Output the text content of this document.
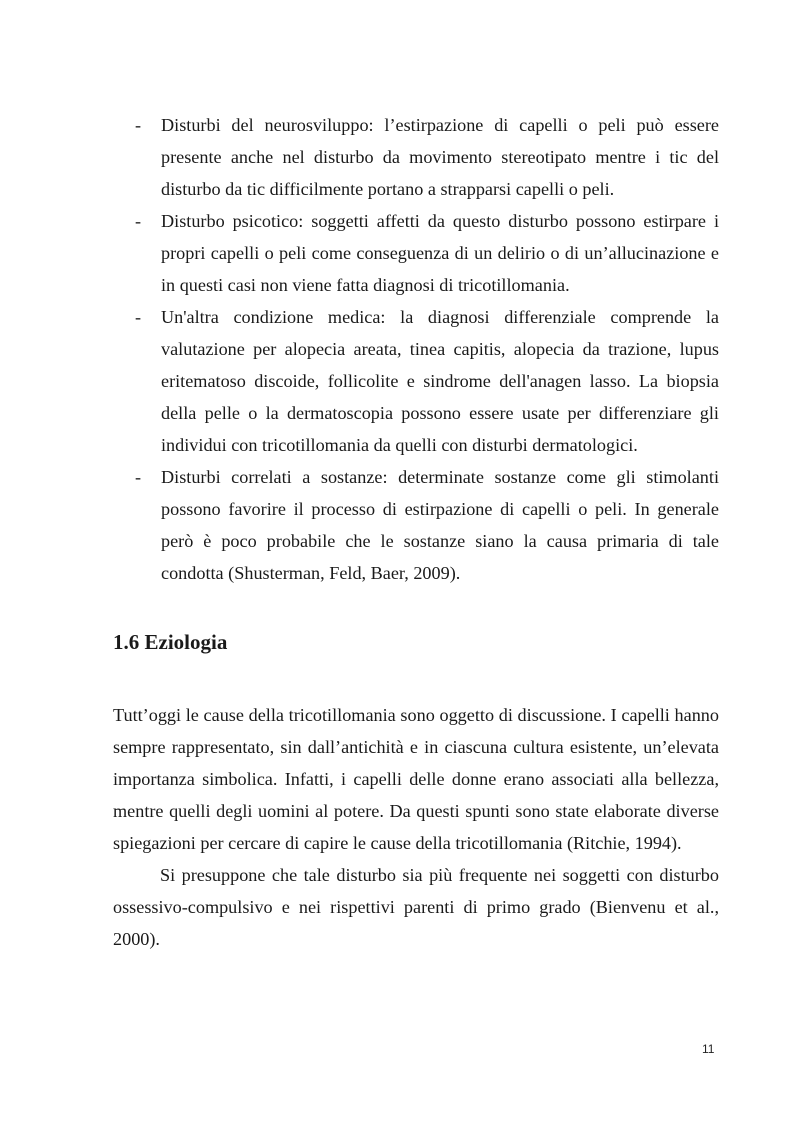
- Disturbi del neurosviluppo: l’estirpazione di capelli o peli può essere presente anche nel disturbo da movimento stereotipato mentre i tic del disturbo da tic difficilmente portano a strapparsi capelli o peli.
- Disturbo psicotico: soggetti affetti da questo disturbo possono estirpare i propri capelli o peli come conseguenza di un delirio o di un’allucinazione e in questi casi non viene fatta diagnosi di tricotillomania.
- Un'altra condizione medica: la diagnosi differenziale comprende la valutazione per alopecia areata, tinea capitis, alopecia da trazione, lupus eritematoso discoide, follicolite e sindrome dell'anagen lasso. La biopsia della pelle o la dermatoscopia possono essere usate per differenziare gli individui con tricotillomania da quelli con disturbi dermatologici.
- Disturbi correlati a sostanze: determinate sostanze come gli stimolanti possono favorire il processo di estirpazione di capelli o peli. In generale però è poco probabile che le sostanze siano la causa primaria di tale condotta (Shusterman, Feld, Baer, 2009).
1.6 Eziologia

Tutt’oggi le cause della tricotillomania sono oggetto di discussione. I capelli hanno sempre rappresentato, sin dall’antichità e in ciascuna cultura esistente, un’elevata importanza simbolica. Infatti, i capelli delle donne erano associati alla bellezza, mentre quelli degli uomini al potere. Da questi spunti sono state elaborate diverse spiegazioni per cercare di capire le cause della tricotillomania (Ritchie, 1994).

Si presuppone che tale disturbo sia più frequente nei soggetti con disturbo ossessivo-compulsivo e nei rispettivi parenti di primo grado (Bienvenu et al., 2000).

11
